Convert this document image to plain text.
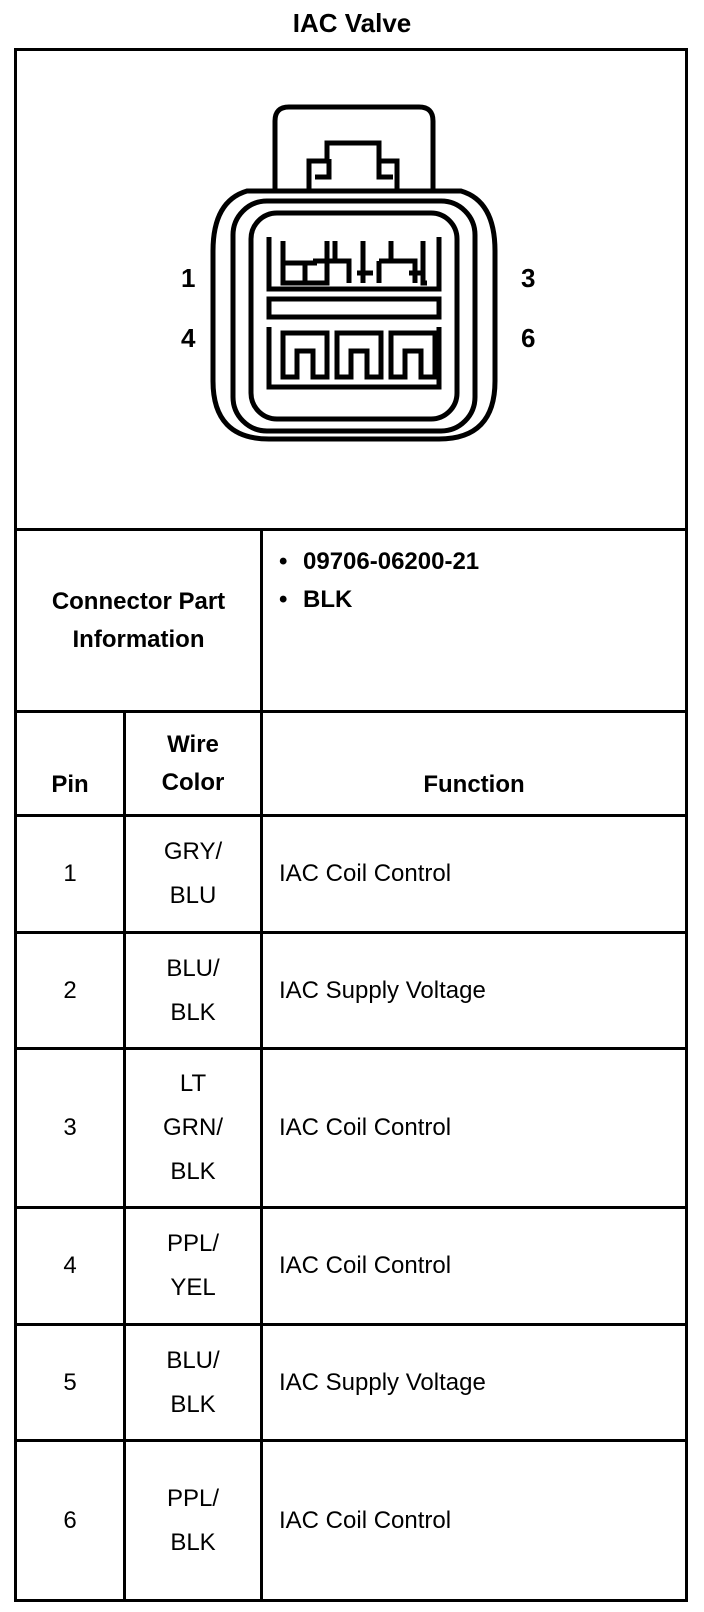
IAC Valve
1
4
3
6
Connector Part Information
• 09706-06200-21
• BLK
Pin
Wire Color	Function
1
GRY/ BLU
IAC Coil Control
2
BLU/ BLK
IAC Supply Voltage
3
LT GRN/ BLK
IAC Coil Control
4
PPL/ YEL
IAC Coil Control
5
BLU/ BLK
IAC Supply Voltage
6
PPL/ BLK
IAC Coil Control
